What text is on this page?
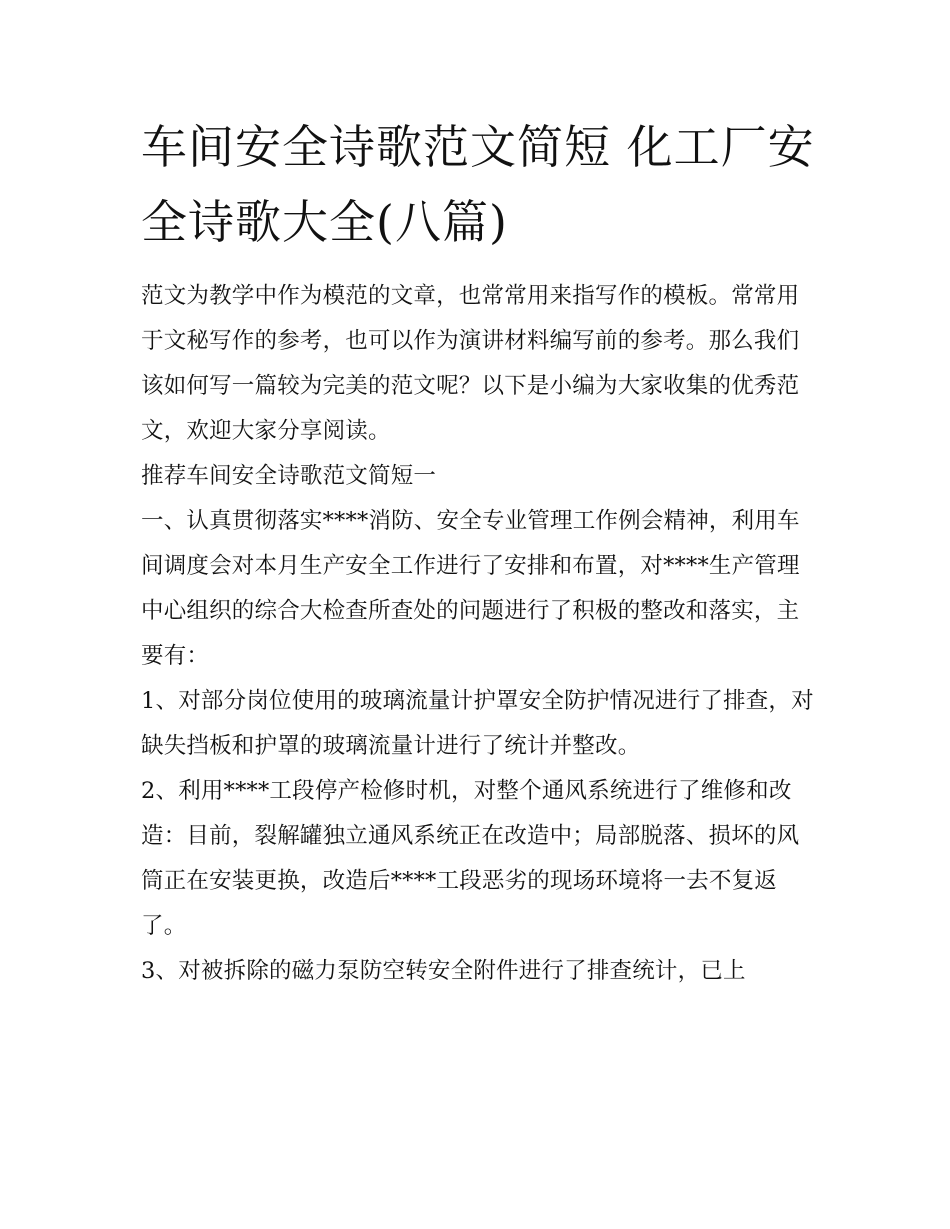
车间安全诗歌范文简短 化工厂安全诗歌大全(八篇)

范文为教学中作为模范的文章，也常常用来指写作的模板。常常用于文秘写作的参考，也可以作为演讲材料编写前的参考。那么我们该如何写一篇较为完美的范文呢？以下是小编为大家收集的优秀范文，欢迎大家分享阅读。

推荐车间安全诗歌范文简短一

一、认真贯彻落实****消防、安全专业管理工作例会精神，利用车间调度会对本月生产安全工作进行了安排和布置，对****生产管理中心组织的综合大检查所查处的问题进行了积极的整改和落实，主要有：

1、对部分岗位使用的玻璃流量计护罩安全防护情况进行了排查，对缺失挡板和护罩的玻璃流量计进行了统计并整改。

2、利用****工段停产检修时机，对整个通风系统进行了维修和改造：目前，裂解罐独立通风系统正在改造中；局部脱落、损坏的风筒正在安装更换，改造后****工段恶劣的现场环境将一去不复返了。

3、对被拆除的磁力泵防空转安全附件进行了排查统计，已上
